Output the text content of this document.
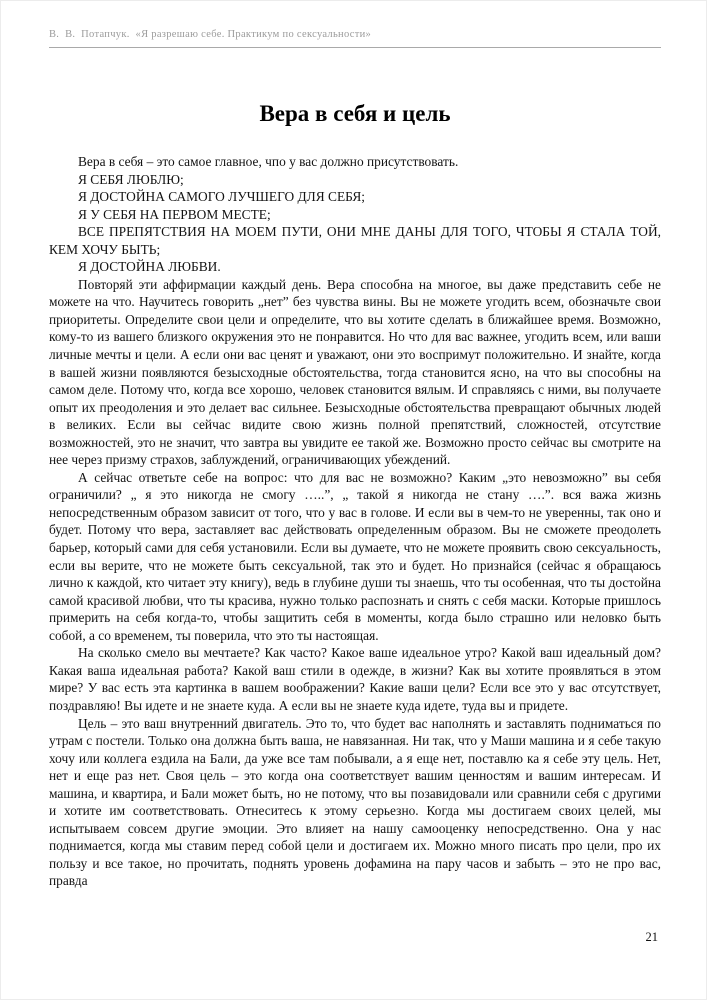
В.  В.  Потапчук.  «Я разрешаю себе. Практикум по сексуальности»
Вера в себя и цель

Вера в себя – это самое главное, чпо у вас должно присутствовать.

Я СЕБЯ ЛЮБЛЮ;

Я ДОСТОЙНА САМОГО ЛУЧШЕГО ДЛЯ СЕБЯ;

Я У СЕБЯ НА ПЕРВОМ МЕСТЕ;

ВСЕ ПРЕПЯТСТВИЯ НА МОЕМ ПУТИ, ОНИ МНЕ ДАНЫ ДЛЯ ТОГО, ЧТОБЫ Я СТАЛА ТОЙ, КЕМ ХОЧУ БЫТЬ;

Я ДОСТОЙНА ЛЮБВИ.

Повторяй эти аффирмации каждый день. Вера способна на многое, вы даже представить себе не можете на что. Научитесь говорить „нет” без чувства вины. Вы не можете угодить всем, обозначьте свои приоритеты. Определите свои цели и определите, что вы хотите сделать в ближайшее время. Возможно, кому-то из вашего близкого окружения это не понравится. Но что для вас важнее, угодить всем, или ваши личные мечты и цели. А если они вас ценят и уважают, они это воспримут положительно. И знайте, когда в вашей жизни появляются безысходные обстоятельства, тогда становится ясно, на что вы способны на самом деле. Потому что, когда все хорошо, человек становится вялым. И справляясь с ними, вы получаете опыт их преодоления и это делает вас сильнее. Безысходные обстоятельства превращают обычных людей в великих. Если вы сейчас видите свою жизнь полной препятствий, сложностей, отсутствие возможностей, это не значит, что завтра вы увидите ее такой же. Возможно просто сейчас вы смотрите на нее через призму страхов, заблуждений, ограничивающих убеждений.

А сейчас ответьте себе на вопрос: что для вас не возможно? Каким „это невозможно” вы себя ограничили? „ я это никогда не смогу …..”, „ такой я никогда не стану ….”. вся важа жизнь непосредственным образом зависит от того, что у вас в голове. И если вы в чем-то не уверенны, так оно и будет. Потому что вера, заставляет вас действовать определенным образом. Вы не сможете преодолеть барьер, который сами для себя установили. Если вы думаете, что не можете проявить свою сексуальность, если вы верите, что не можете быть сексуальной, так это и будет. Но признайся (сейчас я обращаюсь лично к каждой, кто читает эту книгу), ведь в глубине души ты знаешь, что ты особенная, что ты достойна самой красивой любви, что ты красива, нужно только распознать и снять с себя маски. Которые пришлось примерить на себя когда-то, чтобы защитить себя в моменты, когда было страшно или неловко быть собой, а со временем, ты поверила, что это ты настоящая.

На сколько смело вы мечтаете? Как часто? Какое ваше идеальное утро? Какой ваш идеальный дом? Какая ваша идеальная работа? Какой ваш стили в одежде, в жизни? Как вы хотите проявляться в этом мире? У вас есть эта картинка в вашем воображении? Какие ваши цели? Если все это у вас отсутствует, поздравляю! Вы идете и не знаете куда. А если вы не знаете куда идете, туда вы и придете.

Цель – это ваш внутренний двигатель. Это то, что будет вас наполнять и заставлять подниматься по утрам с постели. Только она должна быть ваша, не навязанная. Ни так, что у Маши машина и я себе такую хочу или коллега ездила на Бали, да уже все там побывали, а я еще нет, поставлю ка я себе эту цель. Нет, нет и еще раз нет. Своя цель – это когда она соответствует вашим ценностям и вашим интересам. И машина, и квартира, и Бали может быть, но не потому, что вы позавидовали или сравнили себя с другими и хотите им соответствовать. Отнеситесь к этому серьезно. Когда мы достигаем своих целей, мы испытываем совсем другие эмоции. Это влияет на нашу самооценку непосредственно. Она у нас поднимается, когда мы ставим перед собой цели и достигаем их. Можно много писать про цели, про их пользу и все такое, но прочитать, поднять уровень дофамина на пару часов и забыть – это не про вас, правда

21
